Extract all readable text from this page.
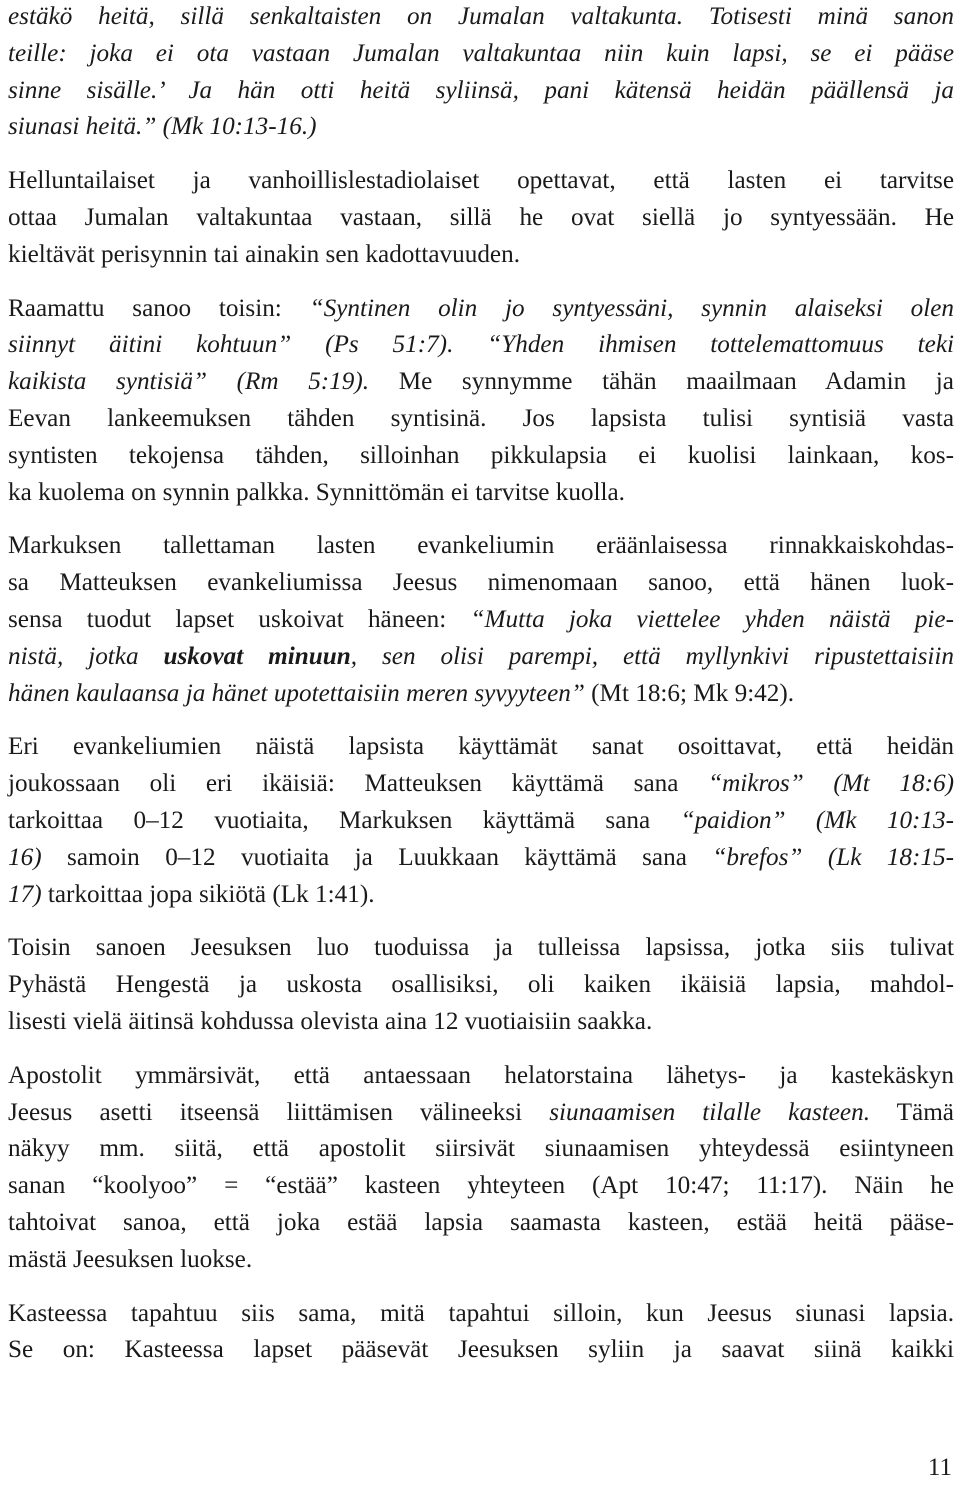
estäkö heitä, sillä senkaltaisten on Jumalan valtakunta. Totisesti minä sanon
teille: joka ei ota vastaan Jumalan valtakuntaa niin kuin lapsi, se ei pääse
sinne sisälle.’ Ja hän otti heitä syliinsä, pani kätensä heidän päällensä ja
siunasi heitä.” (Mk 10:13-16.)

Helluntailaiset ja vanhoillislestadiolaiset opettavat, että lasten ei tarvitse
ottaa Jumalan valtakuntaa vastaan, sillä he ovat siellä jo syntyessään. He
kieltävät perisynnin tai ainakin sen kadottavuuden.

Raamattu sanoo toisin: “Syntinen olin jo syntyessäni, synnin alaiseksi olen
siinnyt äitini kohtuun” (Ps 51:7). “Yhden ihmisen tottelemattomuus teki
kaikista syntisiä” (Rm 5:19). Me synnymme tähän maailmaan Adamin ja
Eevan lankeemuksen tähden syntisinä. Jos lapsista tulisi syntisiä vasta
syntisten tekojensa tähden, silloinhan pikkulapsia ei kuolisi lainkaan, kos-
ka kuolema on synnin palkka. Synnittömän ei tarvitse kuolla.

Markuksen tallettaman lasten evankeliumin eräänlaisessa rinnakkaiskohdas-
sa Matteuksen evankeliumissa Jeesus nimenomaan sanoo, että hänen luok-
sensa tuodut lapset uskoivat häneen: “Mutta joka viettelee yhden näistä pie-
nistä, jotka uskovat minuun, sen olisi parempi, että myllynkivi ripustettaisiin
hänen kaulaansa ja hänet upotettaisiin meren syvyyteen” (Mt 18:6; Mk 9:42).

Eri evankeliumien näistä lapsista käyttämät sanat osoittavat, että heidän
joukossaan oli eri ikäisiä: Matteuksen käyttämä sana “mikros” (Mt 18:6)
tarkoittaa 0–12 vuotiaita, Markuksen käyttämä sana “paidion” (Mk 10:13-
16) samoin 0–12 vuotiaita ja Luukkaan käyttämä sana “brefos” (Lk 18:15-
17) tarkoittaa jopa sikiötä (Lk 1:41).

Toisin sanoen Jeesuksen luo tuoduissa ja tulleissa lapsissa, jotka siis tulivat
Pyhästä Hengestä ja uskosta osallisiksi, oli kaiken ikäisiä lapsia, mahdol-
lisesti vielä äitinsä kohdussa olevista aina 12 vuotiaisiin saakka.

Apostolit ymmärsivät, että antaessaan helatorstaina lähetys- ja kastekäskyn
Jeesus asetti itseensä liittämisen välineeksi siunaamisen tilalle kasteen. Tämä
näkyy mm. siitä, että apostolit siirsivät siunaamisen yhteydessä esiintyneen
sanan “koolyoo” = “estää” kasteen yhteyteen (Apt 10:47; 11:17). Näin he
tahtoivat sanoa, että joka estää lapsia saamasta kasteen, estää heitä pääse-
mästä Jeesuksen luokse.

Kasteessa tapahtuu siis sama, mitä tapahtui silloin, kun Jeesus siunasi lapsia.
Se on: Kasteessa lapset pääsevät Jeesuksen syliin ja saavat siinä kaikki

11
